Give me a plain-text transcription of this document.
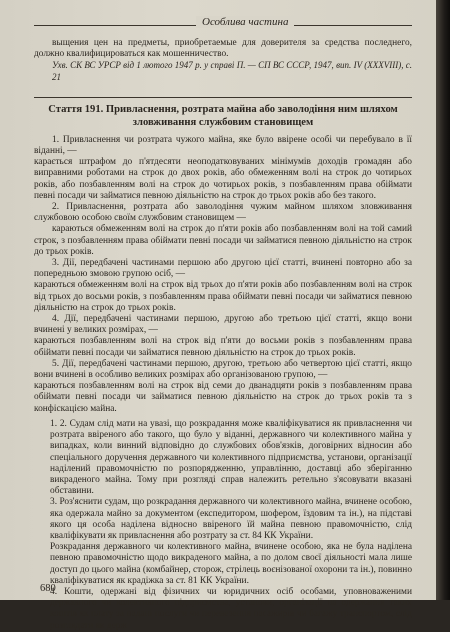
Особлива частина

выщения цен на предметы, приобретаемые для доверителя за средства последнего, должно квалифицироваться как мошенничество.

Ухв. СК ВС УРСР від 1 лютого 1947 р. у справі П. — СП ВС СССР, 1947, вип. IV (XXXVIII), с. 21

Стаття 191. Привласнення, розтрата майна або заволодіння ним шляхом зловживання службовим становищем

1. Привласнення чи розтрата чужого майна, яке було ввірене особі чи перебувало в її віданні, —

карається штрафом до п'ятдесяти неоподатковуваних мінімумів доходів громадян або виправними роботами на строк до двох років, або обмеженням волі на строк до чотирьох років, або позбавленням волі на строк до чотирьох років, з позбавленням права обіймати певні посади чи займатися певною діяльністю на строк до трьох років або без такого.

2. Привласнення, розтрата або заволодіння чужим майном шляхом зловживання службовою особою своїм службовим становищем —

караються обмеженням волі на строк до п'яти років або позбавленням волі на той самий строк, з позбавленням права обіймати певні посади чи займатися певною діяльністю на строк до трьох років.

3. Дії, передбачені частинами першою або другою цієї статті, вчинені повторно або за попередньою змовою групою осіб, —

караються обмеженням волі на строк від трьох до п'яти років або позбавленням волі на строк від трьох до восьми років, з позбавленням права обіймати певні посади чи займатися певною діяльністю на строк до трьох років.

4. Дії, передбачені частинами першою, другою або третьою цієї статті, якщо вони вчинені у великих розмірах, —

караються позбавленням волі на строк від п'яти до восьми років з позбавленням права обіймати певні посади чи займатися певною діяльністю на строк до трьох років.

5. Дії, передбачені частинами першою, другою, третьою або четвертою цієї статті, якщо вони вчинені в особливо великих розмірах або організованою групою, —

караються позбавленням волі на строк від семи до дванадцяти років з позбавленням права обіймати певні посади чи займатися певною діяльністю на строк до трьох років та з конфіскацією майна.

1. 2. Судам слід мати на увазі, що розкрадання може кваліфікуватися як привласнення чи розтрата ввіреного або такого, що було у віданні, державного чи колективного майна у випадках, коли винний відповідно до службових обов'язків, договірних відносин або спеціального доручення державного чи колективного підприємства, установи, організації наділений правомочністю по розпорядженню, управлінню, доставці або зберіганню викраденого майна. Тому при розгляді справ належить ретельно з'ясовувати вказані обставини.

3. Роз'яснити судам, що розкрадання державного чи колективного майна, вчинене особою, яка одержала майно за документом (експедитором, шофером, їздовим та ін.), на підставі якого ця особа наділена відносно ввіреного їй майна певною правомочністю, слід кваліфікувати як привласнення або розтрату за ст. 84 КК України.

Розкрадання державного чи колективного майна, вчинене особою, яка не була наділена певною правомочністю щодо викраденого майна, а по долом своєї діяльності мала лише доступ до цього майна (комбайнер, сторож, стрілець воєнізованої охорони та ін.), повинно кваліфікуватися як крадіжка за ст. 81 КК України.

4. Кошти, одержані від фізичних чи юридичних осіб особами, уповноваженими державного чи колективного підприємства, установи, організації на одержання таких коштів як плату за надані послуги чи перевезення пасажирів чи багажу транспортом, слід розглядати як держ

680
